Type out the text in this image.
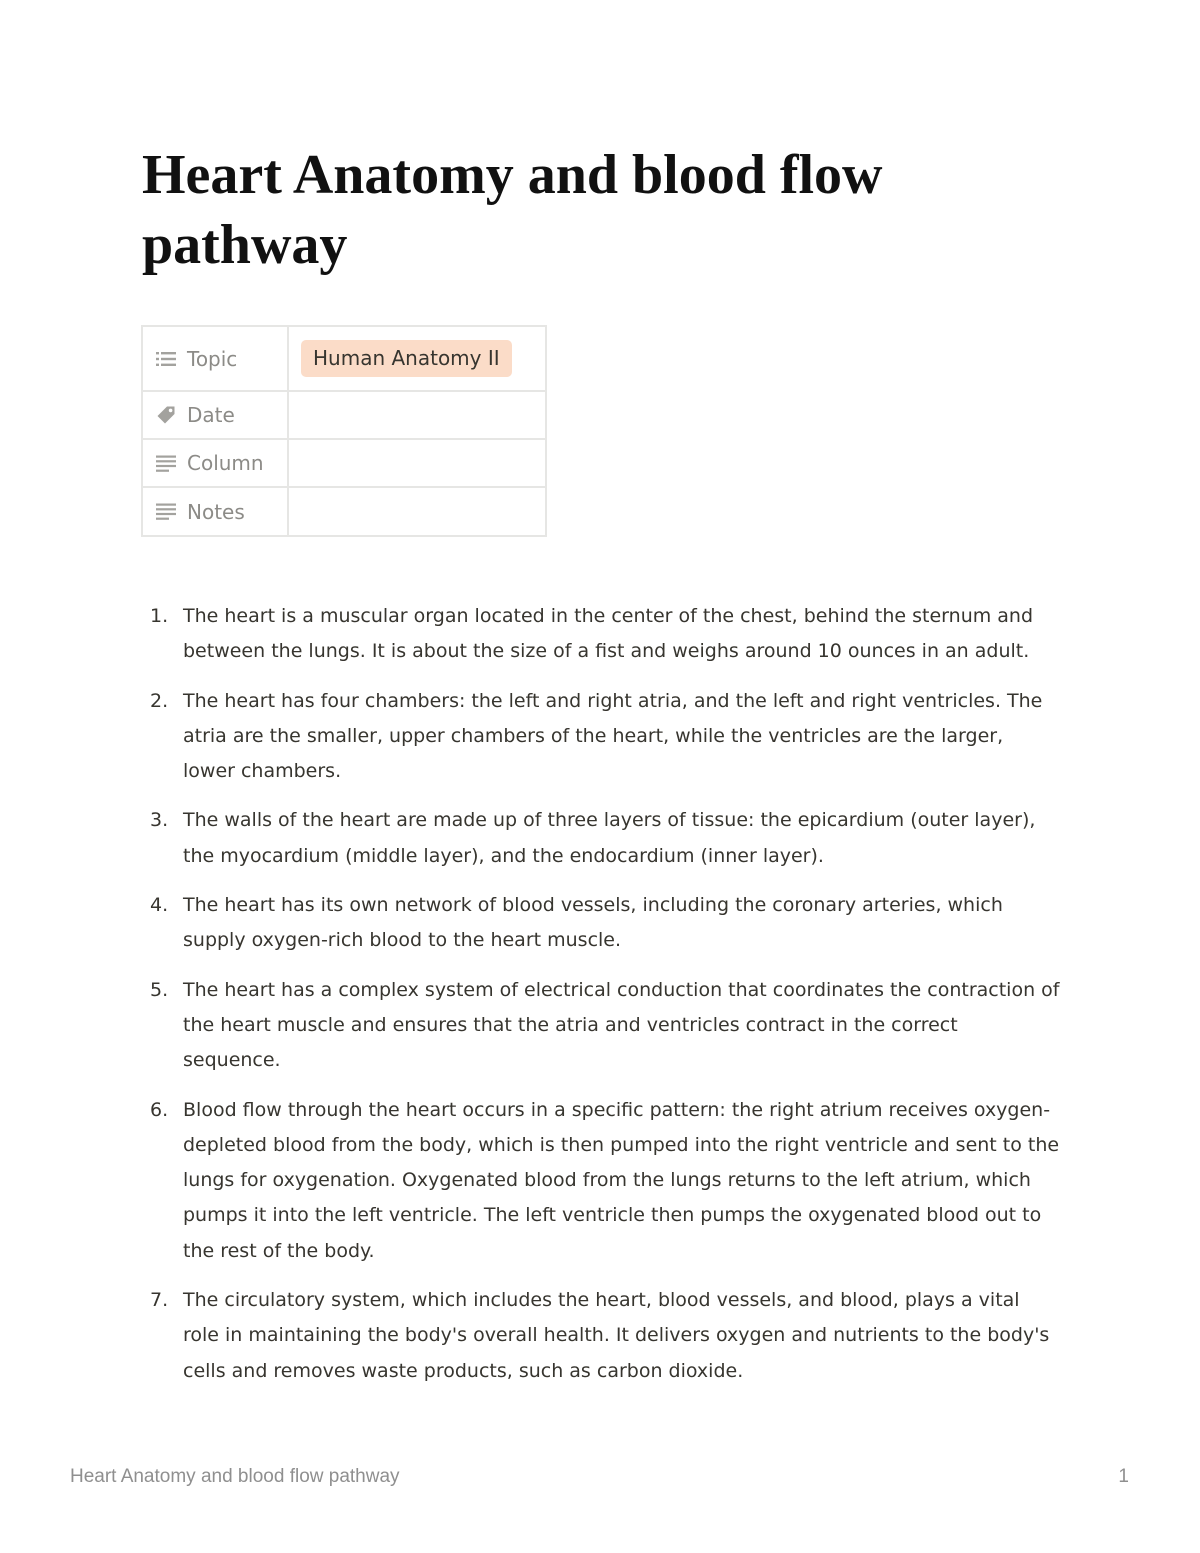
Heart Anatomy and blood flow pathway
Topic	Human Anatomy II

Date	

Column	

Notes	

1. The heart is a muscular organ located in the center of the chest, behind the sternum and between the lungs. It is about the size of a fist and weighs around 10 ounces in an adult.
2. The heart has four chambers: the left and right atria, and the left and right ventricles. The atria are the smaller, upper chambers of the heart, while the ventricles are the larger, lower chambers.
3. The walls of the heart are made up of three layers of tissue: the epicardium (outer layer), the myocardium (middle layer), and the endocardium (inner layer).
4. The heart has its own network of blood vessels, including the coronary arteries, which supply oxygen-rich blood to the heart muscle.
5. The heart has a complex system of electrical conduction that coordinates the contraction of the heart muscle and ensures that the atria and ventricles contract in the correct sequence.
6. Blood flow through the heart occurs in a specific pattern: the right atrium receives oxygen-depleted blood from the body, which is then pumped into the right ventricle and sent to the lungs for oxygenation. Oxygenated blood from the lungs returns to the left atrium, which pumps it into the left ventricle. The left ventricle then pumps the oxygenated blood out to the rest of the body.
7. The circulatory system, which includes the heart, blood vessels, and blood, plays a vital role in maintaining the body's overall health. It delivers oxygen and nutrients to the body's cells and removes waste products, such as carbon dioxide.
Heart Anatomy and blood flow pathway	1
